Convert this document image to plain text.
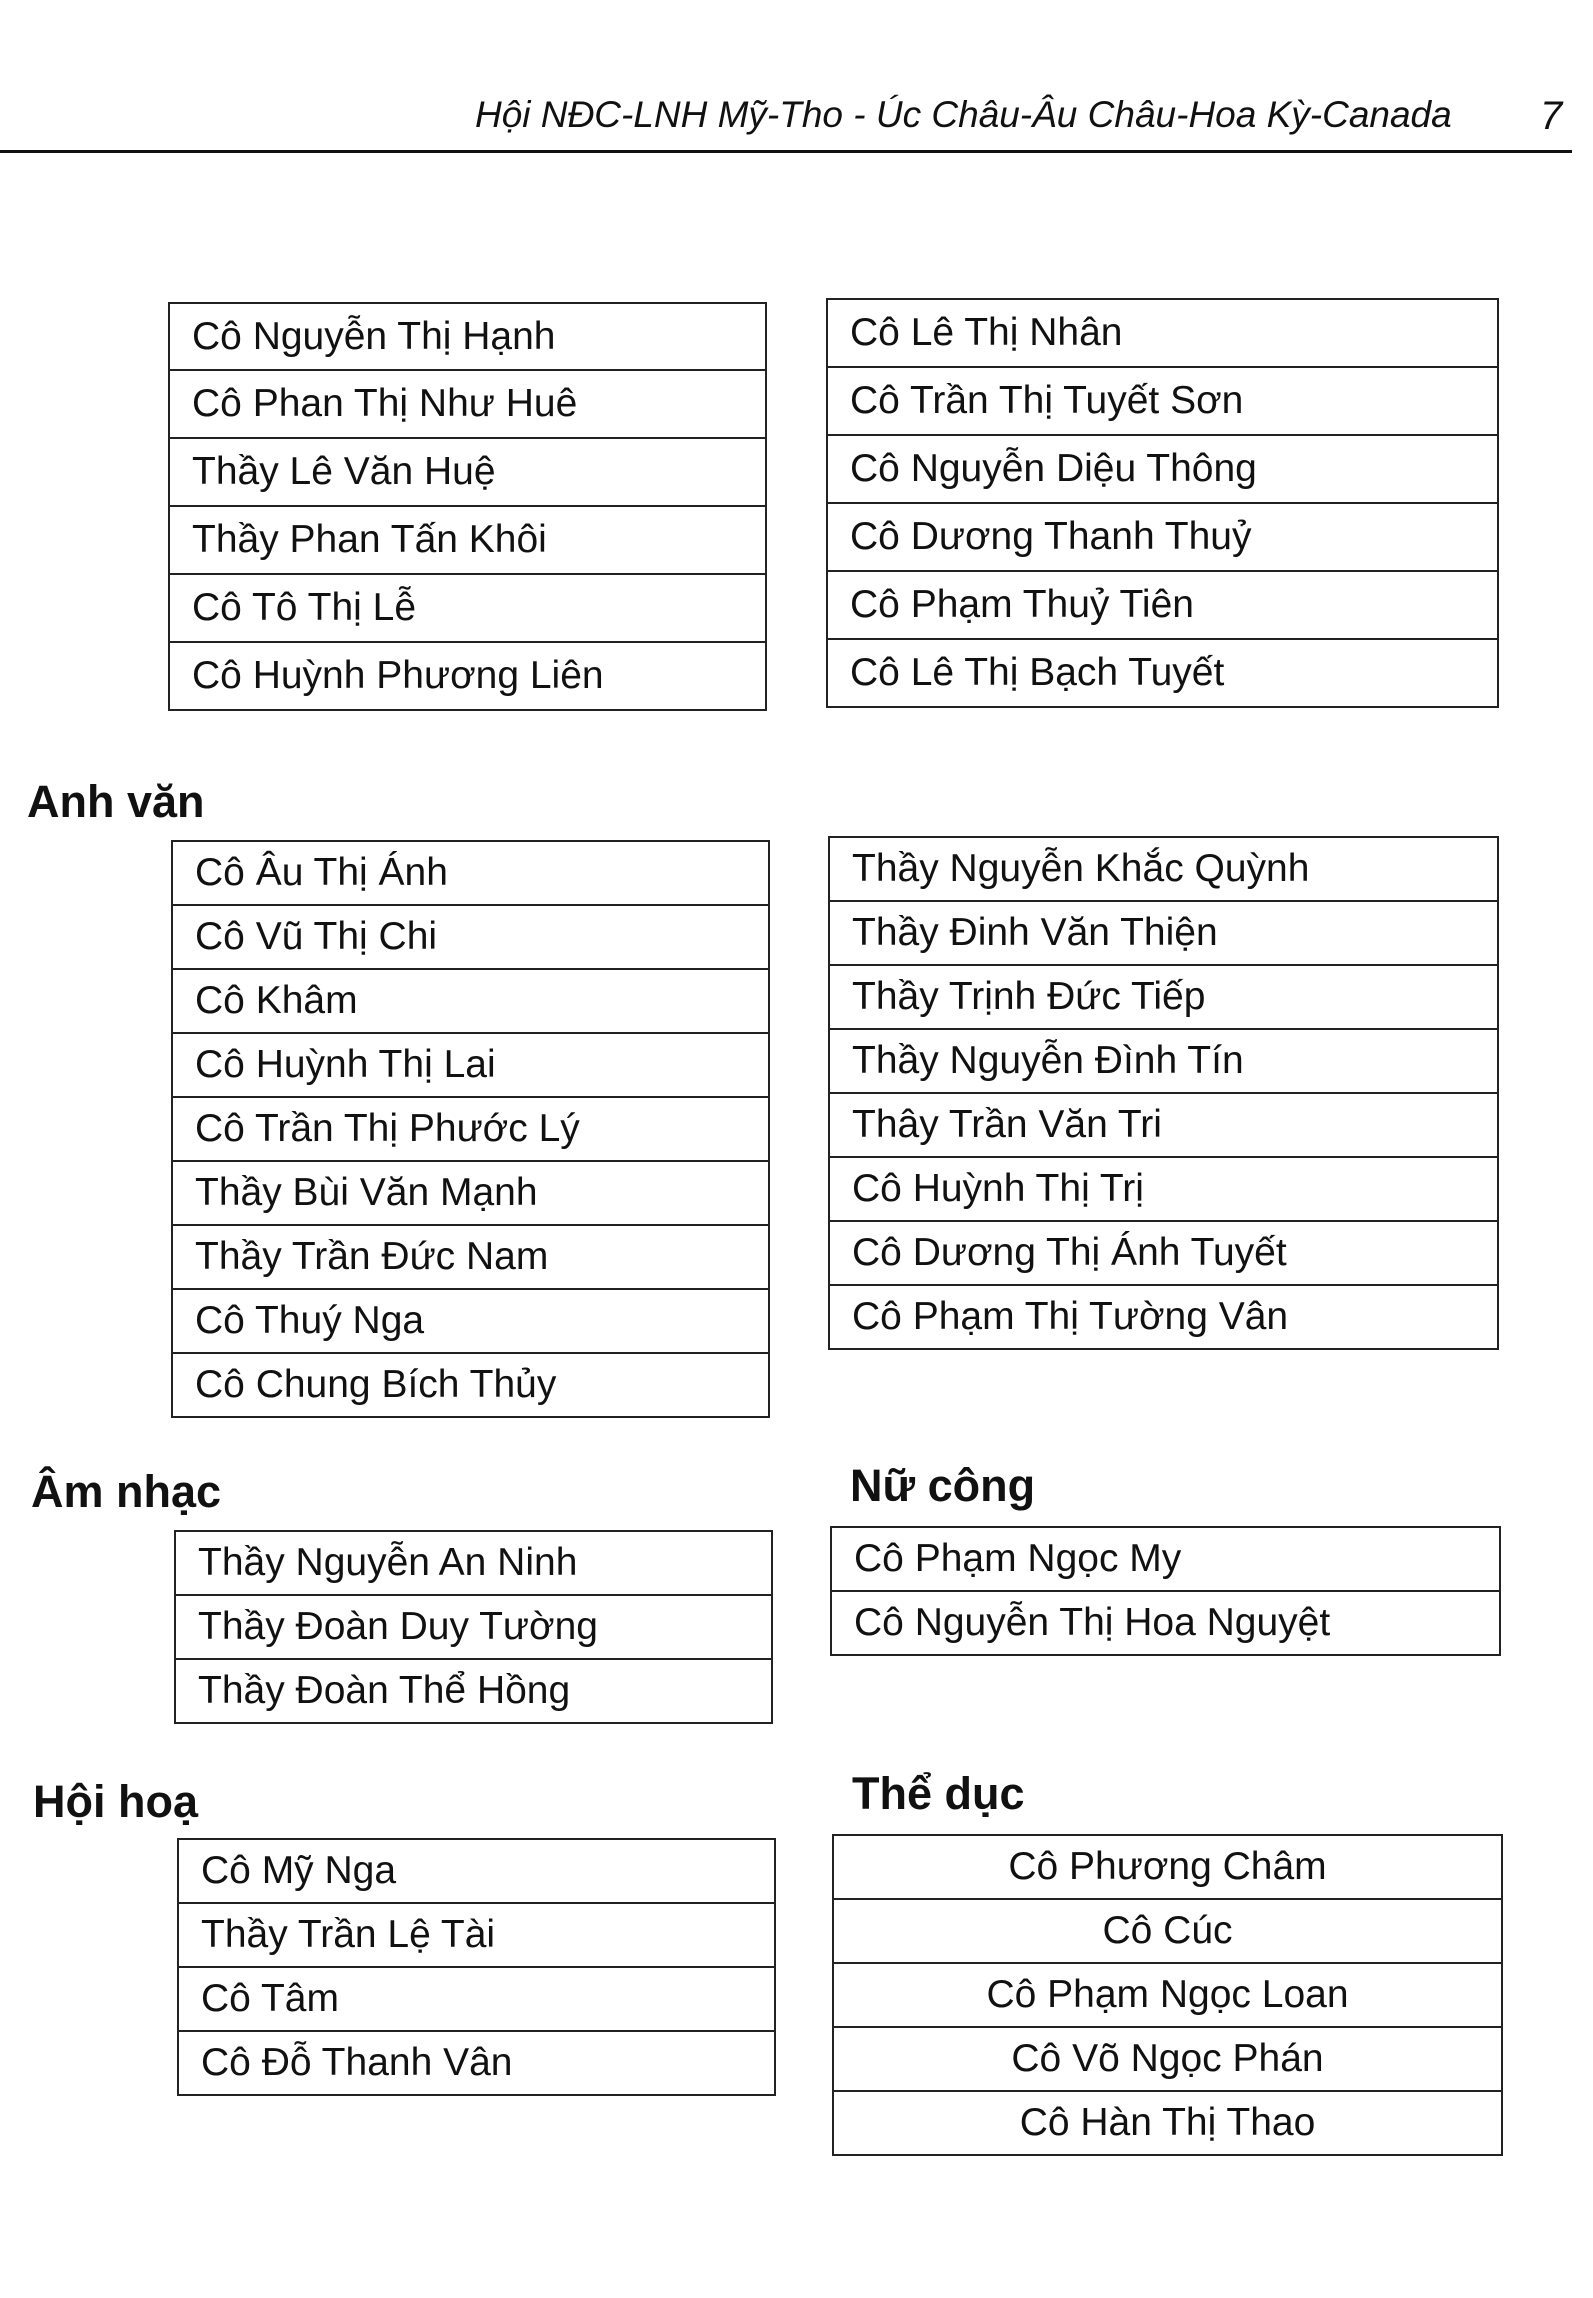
Hội NĐC-LNH Mỹ-Tho - Úc Châu-Âu Châu-Hoa Kỳ-Canada 7
Cô Nguyễn Thị Hạnh
Cô Phan Thị Như Huê
Thầy Lê Văn Huệ
Thầy Phan Tấn Khôi
Cô Tô Thị Lễ
Cô Huỳnh Phương Liên
Cô Lê Thị Nhân
Cô Trần Thị Tuyết Sơn
Cô Nguyễn Diệu Thông
Cô Dương Thanh Thuỷ
Cô Phạm Thuỷ Tiên
Cô Lê Thị Bạch Tuyết
Anh văn
Cô Âu Thị Ánh
Cô Vũ Thị Chi
Cô Khâm
Cô Huỳnh Thị Lai
Cô Trần Thị Phước Lý
Thầy Bùi Văn Mạnh
Thầy Trần Đức Nam
Cô Thuý Nga
Cô Chung Bích Thủy
Thầy Nguyễn Khắc Quỳnh
Thầy Đinh Văn Thiện
Thầy Trịnh Đức Tiếp
Thầy Nguyễn Đình Tín
Thây Trần Văn Tri
Cô Huỳnh Thị Trị
Cô Dương Thị Ánh Tuyết
Cô Phạm Thị Tường Vân
Âm nhạc
Thầy Nguyễn An Ninh
Thầy Đoàn Duy Tường
Thầy Đoàn Thể Hồng
Nữ công
Cô Phạm Ngọc My
Cô Nguyễn Thị Hoa Nguyệt
Hội hoạ
Cô Mỹ Nga
Thầy Trần Lệ Tài
Cô Tâm
Cô Đỗ Thanh Vân
Thể dục
Cô Phương Châm
Cô Cúc
Cô Phạm Ngọc Loan
Cô Võ Ngọc Phán
Cô Hàn Thị Thao
